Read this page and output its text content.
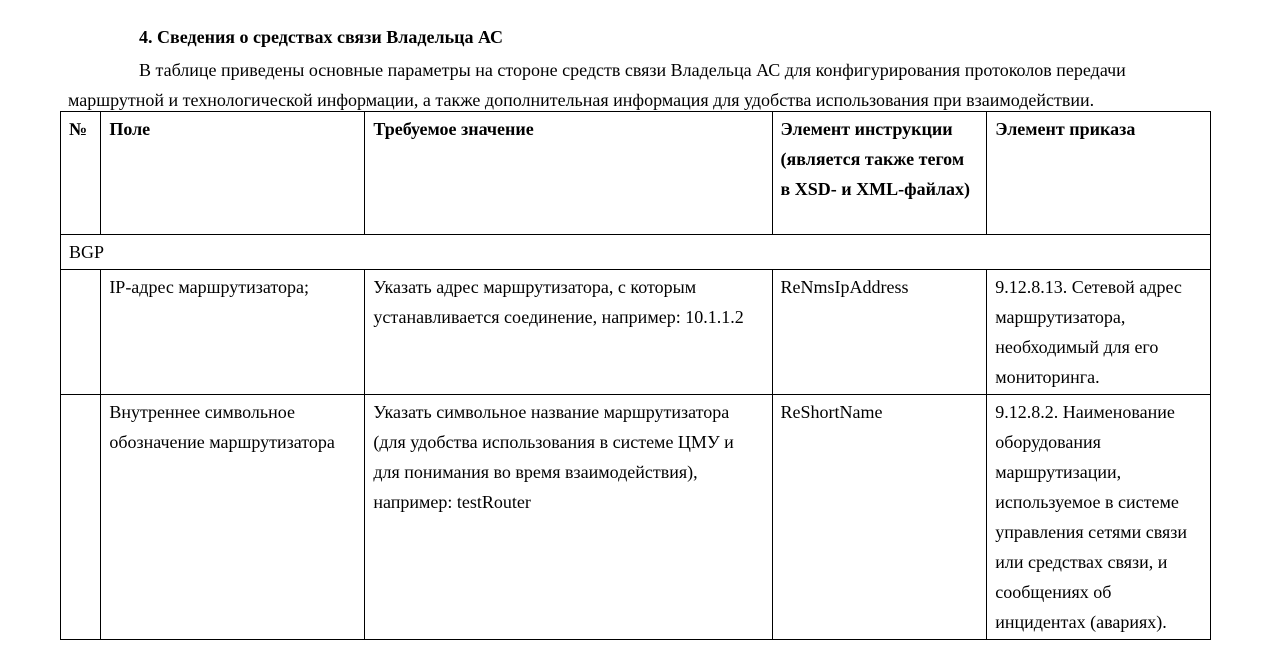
4. Сведения о средствах связи Владельца АС
В таблице приведены основные параметры на стороне средств связи Владельца АС для конфигурирования протоколов передачи
маршрутной и технологической информации, а также дополнительная информация для удобства использования при взаимодействии.
№	Поле	Требуемое значение	Элемент инструкции (является также тегом в XSD- и XML-файлах)	Элемент приказа
BGP				
	IP-адрес маршрутизатора;	Указать адрес маршрутизатора, с которым устанавливается соединение, например: 10.1.1.2	ReNmsIpAddress	9.12.8.13. Сетевой адрес маршрутизатора, необходимый для его мониторинга.
	Внутреннее символьное обозначение маршрутизатора	Указать символьное название маршрутизатора (для удобства использования в системе ЦМУ и для понимания во время взаимодействия), например: testRouter	ReShortName	9.12.8.2. Наименование оборудования маршрутизации, используемое в системе управления сетями связи или средствах связи, и сообщениях об инцидентах (авариях).
